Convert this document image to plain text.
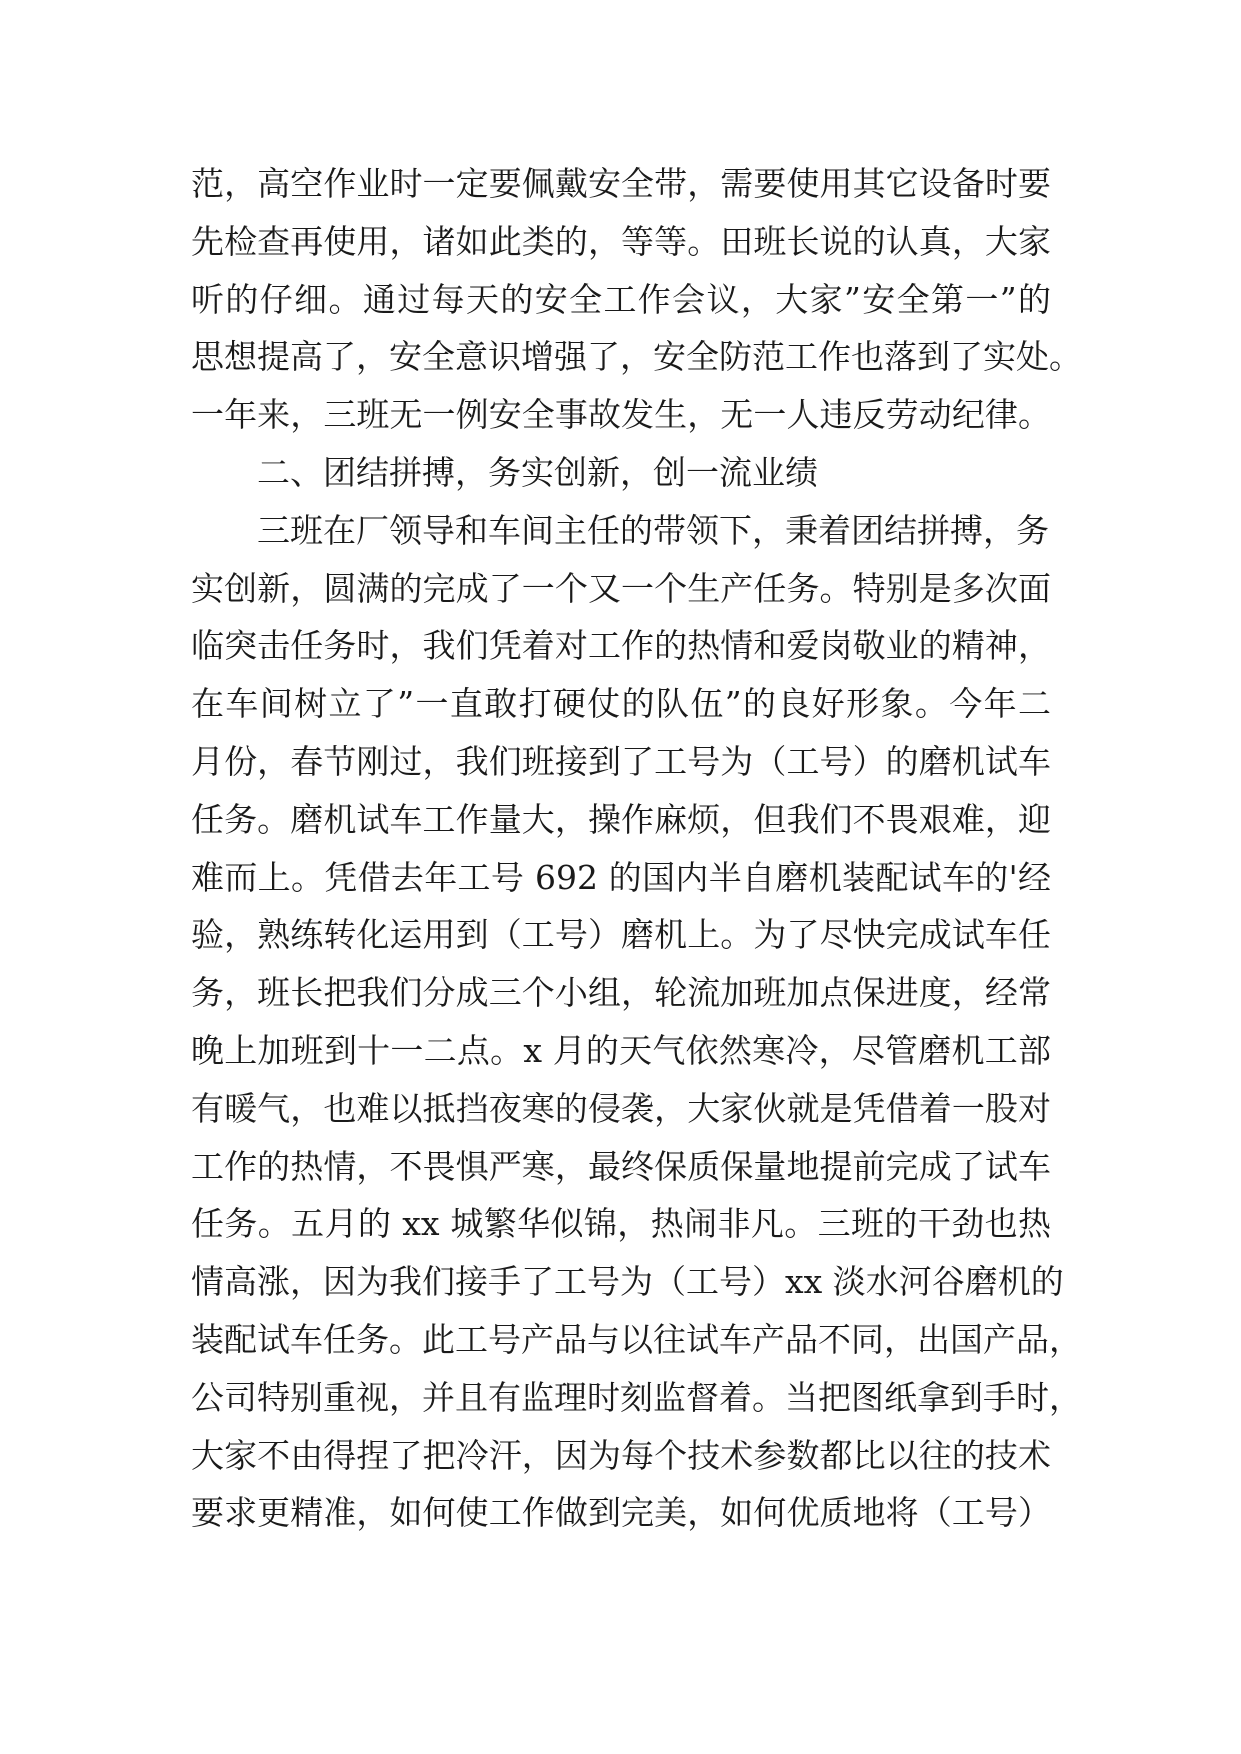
范，高空作业时一定要佩戴安全带，需要使用其它设备时要
先检查再使用，诸如此类的，等等。田班长说的认真，大家
听的仔细。通过每天的安全工作会议，大家”安全第一”的
思想提高了，安全意识增强了，安全防范工作也落到了实处。
一年来，三班无一例安全事故发生，无一人违反劳动纪律。
二、团结拼搏，务实创新，创一流业绩
三班在厂领导和车间主任的带领下，秉着团结拼搏，务
实创新，圆满的完成了一个又一个生产任务。特别是多次面
临突击任务时，我们凭着对工作的热情和爱岗敬业的精神，
在车间树立了”一直敢打硬仗的队伍”的良好形象。今年二
月份，春节刚过，我们班接到了工号为（工号）的磨机试车
任务。磨机试车工作量大，操作麻烦，但我们不畏艰难，迎
难而上。凭借去年工号 692 的国内半自磨机装配试车的'经
验，熟练转化运用到（工号）磨机上。为了尽快完成试车任
务，班长把我们分成三个小组，轮流加班加点保进度，经常
晚上加班到十一二点。x 月的天气依然寒冷，尽管磨机工部
有暖气，也难以抵挡夜寒的侵袭，大家伙就是凭借着一股对
工作的热情，不畏惧严寒，最终保质保量地提前完成了试车
任务。五月的 xx 城繁华似锦，热闹非凡。三班的干劲也热
情高涨，因为我们接手了工号为（工号）xx 淡水河谷磨机的
装配试车任务。此工号产品与以往试车产品不同，出国产品，
公司特别重视，并且有监理时刻监督着。当把图纸拿到手时，
大家不由得捏了把冷汗，因为每个技术参数都比以往的技术
要求更精准，如何使工作做到完美，如何优质地将（工号）
